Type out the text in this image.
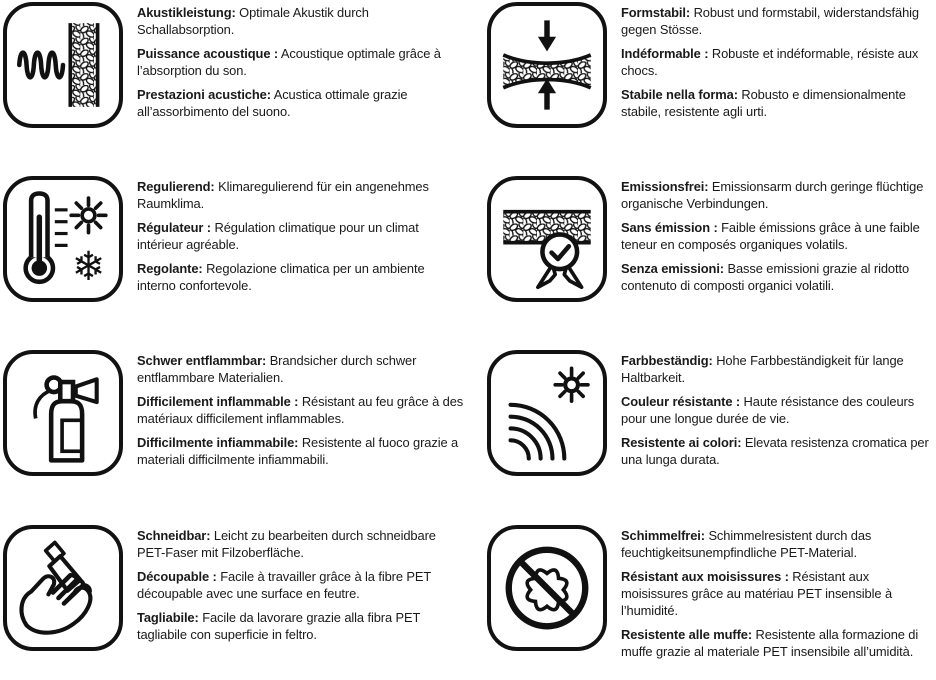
Akustikleistung: Optimale Akustik durch Schallabsorption.

Puissance acoustique : Acoustique optimale grâce à l’absorption du son.

Prestazioni acustiche: Acustica ottimale grazie all’assorbimento del suono.

Formstabil: Robust und formstabil, widerstandsfähig gegen Stösse.

Indéformable : Robuste et indéformable, résiste aux chocs.

Stabile nella forma: Robusto e dimensionalmente stabile, resistente agli urti.

❄

Regulierend: Klimaregulierend für ein angenehmes Raumklima.

Régulateur : Régulation climatique pour un climat intérieur agréable.

Regolante: Regolazione climatica per un ambiente interno confortevole.

Emissionsfrei: Emissionsarm durch geringe flüchtige organische Verbindungen.

Sans émission : Faible émissions grâce à une faible teneur en composés organiques volatils.

Senza emissioni: Basse emissioni grazie al ridotto contenuto di composti organici volatili.

Schwer entflammbar: Brandsicher durch schwer entflammbare Materialien.

Difficilement inflammable : Résistant au feu grâce à des matériaux difficilement inflammables.

Difficilmente infiammabile: Resistente al fuoco grazie a materiali difficilmente infiammabili.

Farbbeständig: Hohe Farbbeständigkeit für lange Haltbarkeit.

Couleur résistante : Haute résistance des couleurs pour une longue durée de vie.

Resistente ai colori: Elevata resistenza cromatica per una lunga durata.

Schneidbar: Leicht zu bearbeiten durch schneidbare PET-Faser mit Filzoberfläche.

Découpable : Facile à travailler grâce à la fibre PET découpable avec une surface en feutre.

Tagliabile: Facile da lavorare grazie alla fibra PET tagliabile con superficie in feltro.

Schimmelfrei: Schimmelresistent durch das feuchtigkeitsunempfindliche PET-Material.

Résistant aux moisissures : Résistant aux moisissures grâce au matériau PET insensible à l’humidité.

Resistente alle muffe: Resistente alla formazione di muffe grazie al materiale PET insensibile all’umidità.
